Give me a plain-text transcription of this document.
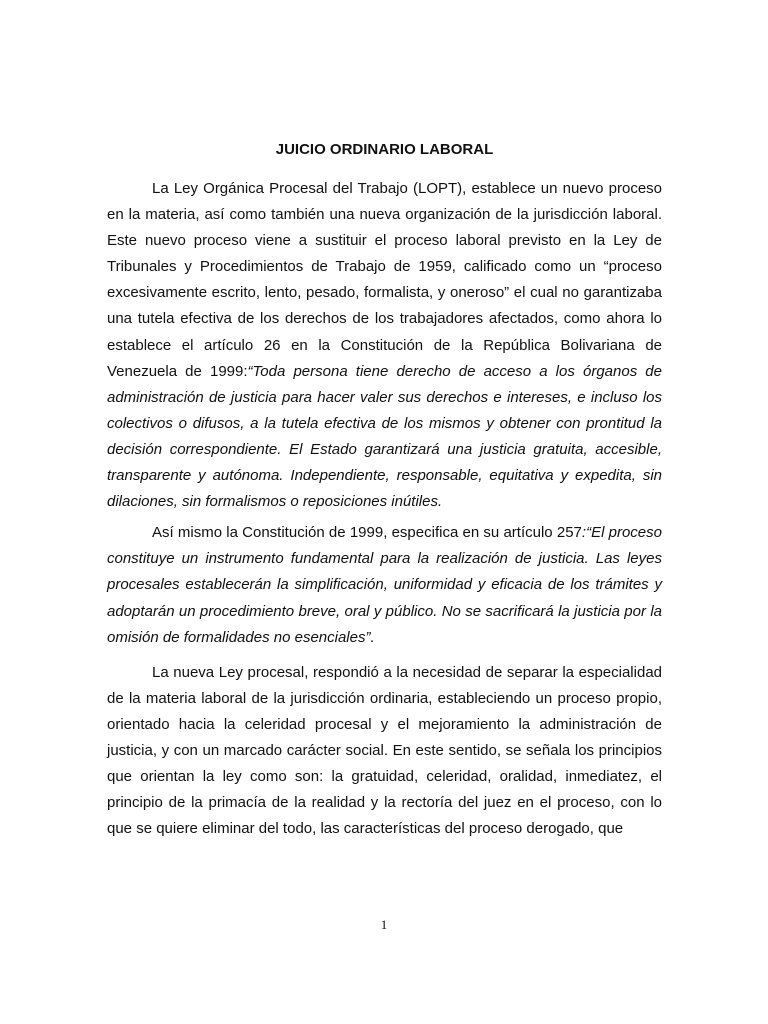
JUICIO ORDINARIO LABORAL

La Ley Orgánica Procesal del Trabajo (LOPT), establece un nuevo proceso en la materia, así como también una nueva organización de la jurisdicción laboral. Este nuevo proceso viene a sustituir el proceso laboral previsto en la Ley de Tribunales y Procedimientos de Trabajo de 1959, calificado como un “proceso excesivamente escrito, lento, pesado, formalista, y oneroso” el cual no garantizaba una tutela efectiva de los derechos de los trabajadores afectados, como ahora lo establece el artículo 26 en la Constitución de la República Bolivariana de Venezuela de 1999:“Toda persona tiene derecho de acceso a los órganos de administración de justicia para hacer valer sus derechos e intereses, e incluso los colectivos o difusos, a la tutela efectiva de los mismos y obtener con prontitud la decisión correspondiente. El Estado garantizará una justicia gratuita, accesible, transparente y autónoma. Independiente, responsable, equitativa y expedita, sin dilaciones, sin formalismos o reposiciones inútiles.

Así mismo la Constitución de 1999, especifica en su artículo 257:“El proceso constituye un instrumento fundamental para la realización de justicia. Las leyes procesales establecerán la simplificación, uniformidad y eficacia de los trámites y adoptarán un procedimiento breve, oral y público. No se sacrificará la justicia por la omisión de formalidades no esenciales”.

La nueva Ley procesal, respondió a la necesidad de separar la especialidad de la materia laboral de la jurisdicción ordinaria, estableciendo un proceso propio, orientado hacia la celeridad procesal y el mejoramiento la administración de justicia, y con un marcado carácter social. En este sentido, se señala los principios que orientan la ley como son: la gratuidad, celeridad, oralidad, inmediatez, el principio de la primacía de la realidad y la rectoría del juez en el proceso, con lo que se quiere eliminar del todo, las características del proceso derogado, que

1
